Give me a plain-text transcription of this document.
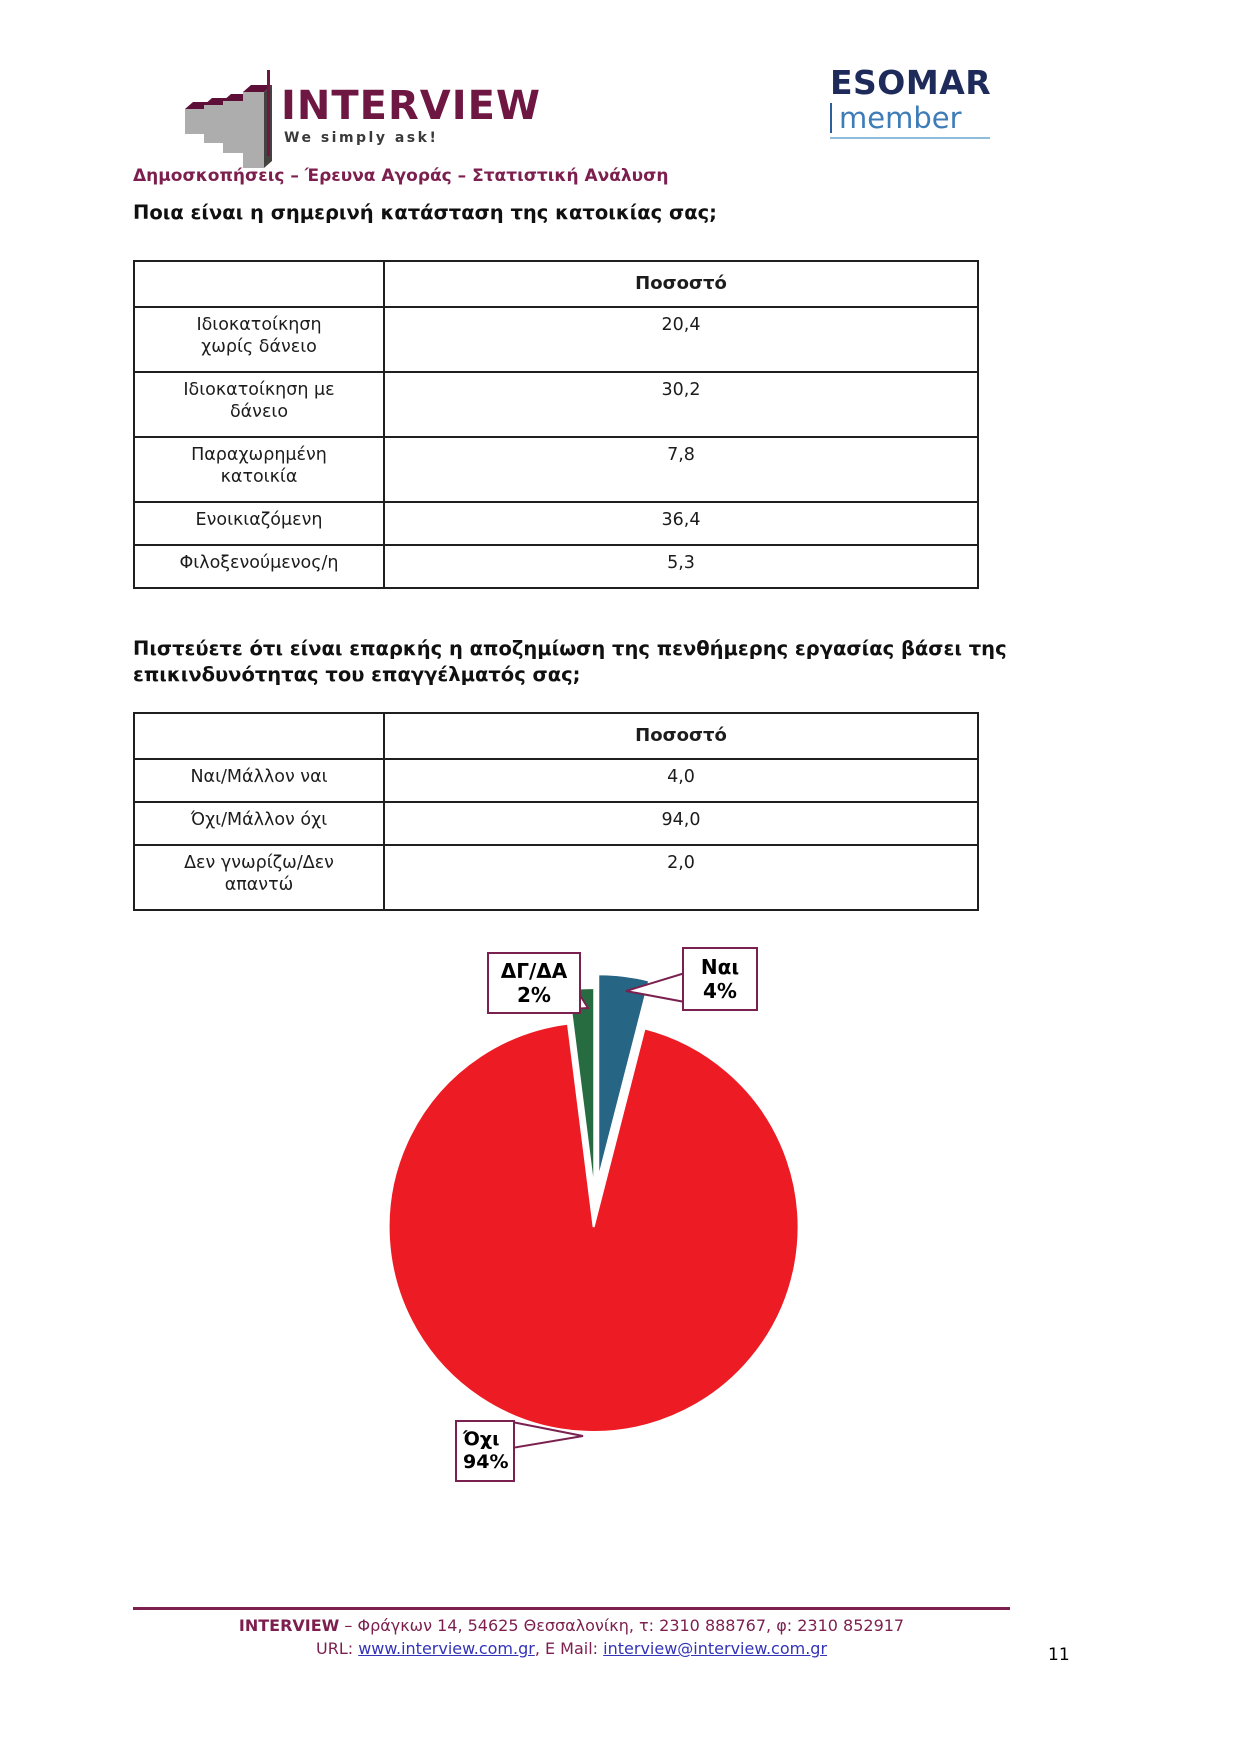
INTERVIEW
We simply ask!
ESOMAR
member
Δημοσκοπήσεις – Έρευνα Αγοράς – Στατιστική Ανάλυση
Ποια είναι η σημερινή κατάσταση της κατοικίας σας;
	Ποσοστό
Ιδιοκατοίκηση χωρίς δάνειο	20,4
Ιδιοκατοίκηση με δάνειο	30,2
Παραχωρημένη κατοικία	7,8
Ενοικιαζόμενη	36,4
Φιλοξενούμενος/η	5,3
Πιστεύετε ότι είναι επαρκής η αποζημίωση της πενθήμερης εργασίας βάσει της επικινδυνότητας του επαγγέλματός σας;
	Ποσοστό
Ναι/Μάλλον ναι	4,0
Όχι/Μάλλον όχι	94,0
Δεν γνωρίζω/Δεν απαντώ	2,0
ΔΓ/ΔΑ
2%
Ναι
4%
Όχι
94%
INTERVIEW – Φράγκων 14, 54625 Θεσσαλονίκη, τ: 2310 888767, φ: 2310 852917
URL: www.interview.com.gr, E Mail: interview@interview.com.gr	11
